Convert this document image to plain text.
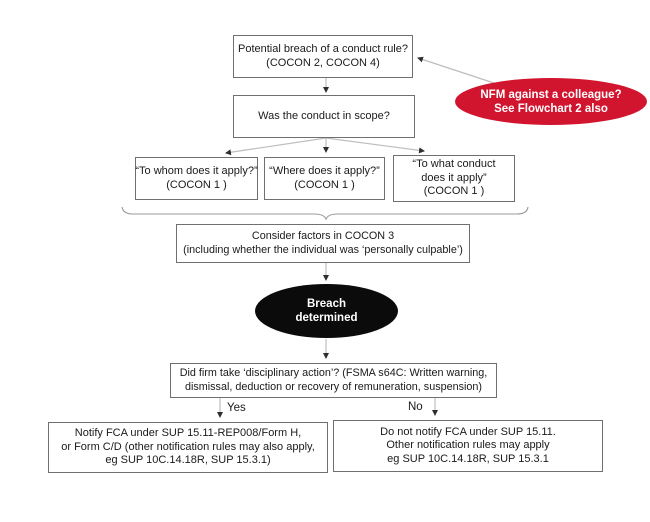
Potential breach of a conduct rule?
(COCON 2, COCON 4)
NFM against a colleague?
See Flowchart 2 also
Was the conduct in scope?
“To whom does it apply?”
(COCON 1 )
“Where does it apply?”
(COCON 1 )
“To what conduct
does it apply”
(COCON 1 )
Consider factors in COCON 3
(including whether the individual was ‘personally culpable’)
Breach
determined
Did firm take ‘disciplinary action’? (FSMA s64C: Written warning,
dismissal, deduction or recovery of remuneration, suspension)
Yes	No
Notify FCA under SUP 15.11-REP008/Form H,
or Form C/D (other notification rules may also apply,
eg SUP 10C.14.18R, SUP 15.3.1)
Do not notify FCA under SUP 15.11.
Other notification rules may apply
eg SUP 10C.14.18R, SUP 15.3.1
